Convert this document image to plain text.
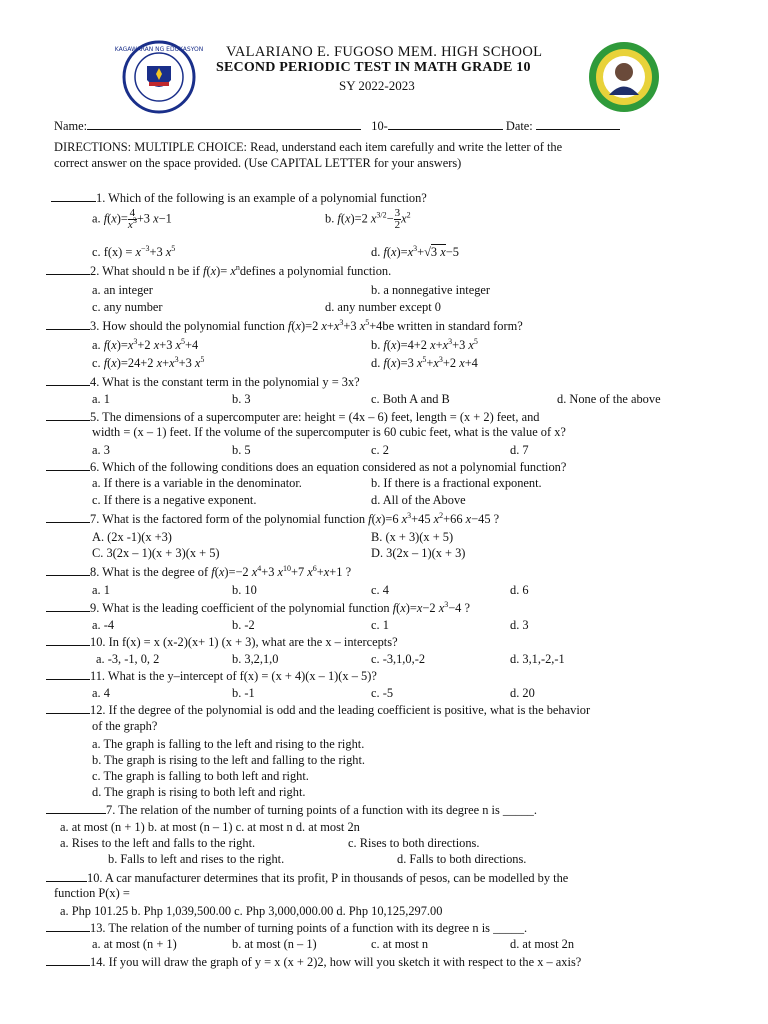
KAGAWARAN NG EDUKASYON VALARIANO E. FUGOSO MEM. HIGH SCHOOL
SECOND PERIODIC TEST IN MATH GRADE 10
SY 2022-2023
Name:	10-	Date:
DIRECTIONS: MULTIPLE CHOICE: Read, understand each item carefully and write the letter of the
correct answer on the space provided. (Use CAPITAL LETTER for your answers)
1. Which of the following is an example of a polynomial function?
a. $f(x)= \frac{4}{x^3} +3$ x−1	b. f(x)=2 $x^{3/2}- \frac{3}{2} x^2$
c. $f(x) = x^{-3}+3$ $x^5$	d. $f(x)=x^3+√3$ x−5
2. What should n be if $f(x)= x^ndefines$ a polynomial function.
a. an integer	b. a nonnegative integer
c. any number	d. any number except 0
3. How should the polynomial function f(x)=2 $x+x^3+3$ $x^5+4be$ written in standard form?
a. $f(x)=x^3+2$ x+3 $x^5+4$	b. f(x)=4+2 $x+x^3+3$ $x^5$
c. f(x)=24+2 $x+x^3+3$ $x^5$	d. f(x)=3 $x^5+x^3+2$ x+4
4. What is the constant term in the polynomial y = 3x?
a. 1	b. 3	c. Both A and B	d. None of the above
5. The dimensions of a supercomputer are: height = (4x – 6) feet, length = (x + 2) feet, and
width = (x – 1) feet. If the volume of the supercomputer is 60 cubic feet, what is the value of x?
a. 3	b. 5	c. 2	d. 7
6. Which of the following conditions does an equation considered as not a polynomial function?
a. If there is a variable in the denominator.	b. If there is a fractional exponent.
c. If there is a negative exponent.	d. All of the Above
7. What is the factored form of the polynomial function f(x)=6 $x^3+45$ $x^2+66$ x−45 ?
A. (2x -1)(x +3)	B. (x + 3)(x + 5)
C. 3(2x – 1)(x + 3)(x + 5)	D. 3(2x – 1)(x + 3)
8. What is the degree of f(x)=−2 $x^4+3$ $x^{10}+7$ $x^6+x+1$ ?
a. 1	b. 10	c. 4	d. 6
9. What is the leading coefficient of the polynomial function f(x)=x−2 $x^3-4$ ?
a. -4	b. -2	c. 1	d. 3
10. In f(x) = x (x-2)(x+ 1) (x + 3), what are the x – intercepts?
a. -3, -1, 0, 2	b. 3,2,1,0	c. -3,1,0,-2	d. 3,1,-2,-1
11. What is the y–intercept of f(x) = (x + 4)(x – 1)(x – 5)?
a. 4	b. -1	c. -5	d. 20
12. If the degree of the polynomial is odd and the leading coefficient is positive, what is the behavior
of the graph?
a. The graph is falling to the left and rising to the right.
b. The graph is rising to the left and falling to the right.
c. The graph is falling to both left and right.
d. The graph is rising to both left and right.
7. The relation of the number of turning points of a function with its degree n is _____.
a. at most (n + 1) b. at most (n – 1) c. at most n d. at most 2n
a. Rises to the left and falls to the right.	c. Rises to both directions.
b. Falls to left and rises to the right.	d. Falls to both directions.
10. A car manufacturer determines that its profit, P in thousands of pesos, can be modelled by the
function P(x) =
a. Php 101.25 b. Php 1,039,500.00 c. Php 3,000,000.00 d. Php 10,125,297.00
13. The relation of the number of turning points of a function with its degree n is _____.
a. at most (n + 1)	b. at most (n – 1)	c. at most n	d. at most 2n
14. If you will draw the graph of y = x (x + 2)2, how will you sketch it with respect to the x – axis?
